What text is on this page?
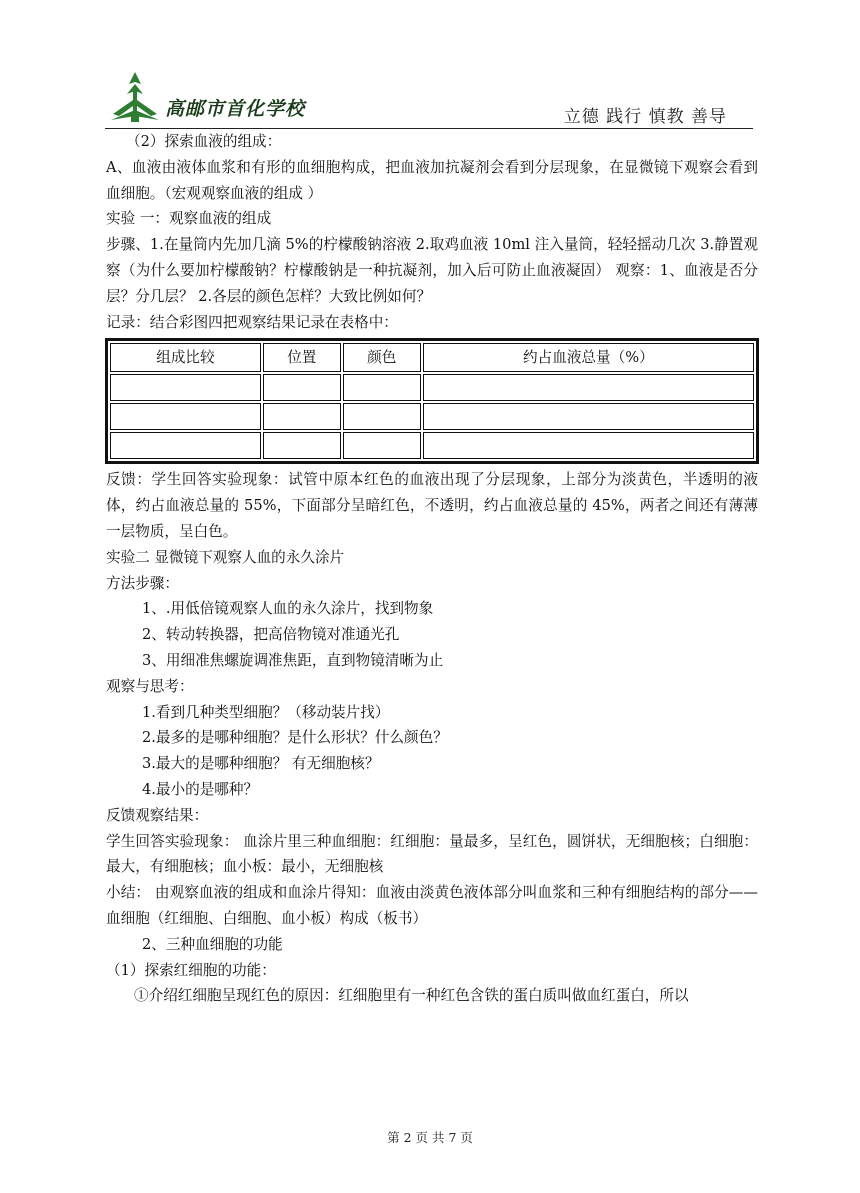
高邮市首化学校	立德 践行 慎教 善导

（2）探索血液的组成：

A、血液由液体血浆和有形的血细胞构成，把血液加抗凝剂会看到分层现象，在显微镜下观察会看到血细胞。（宏观观察血液的组成 ）

实验 一：观察血液的组成

步骤、1.在量筒内先加几滴 5%的柠檬酸钠溶液 2.取鸡血液 10ml 注入量筒，轻轻摇动几次 3.静置观察（为什么要加柠檬酸钠？柠檬酸钠是一种抗凝剂，加入后可防止血液凝固） 观察：1、血液是否分层？分几层？ 2.各层的颜色怎样？大致比例如何？

记录：结合彩图四把观察结果记录在表格中：

组成比较	位置	颜色	约占血液总量（%）

反馈：学生回答实验现象：试管中原本红色的血液出现了分层现象，上部分为淡黄色，半透明的液体，约占血液总量的 55%，下面部分呈暗红色，不透明，约占血液总量的 45%，两者之间还有薄薄一层物质，呈白色。

实验二 显微镜下观察人血的永久涂片

方法步骤：

1、.用低倍镜观察人血的永久涂片，找到物象

2、转动转换器，把高倍物镜对准通光孔

3、用细准焦螺旋调准焦距，直到物镜清晰为止

观察与思考：

1.看到几种类型细胞？（移动装片找）

2.最多的是哪种细胞？是什么形状？什么颜色？

3.最大的是哪种细胞？ 有无细胞核？

4.最小的是哪种？

反馈观察结果：

学生回答实验现象： 血涂片里三种血细胞：红细胞：量最多，呈红色，圆饼状，无细胞核；白细胞：最大，有细胞核；血小板：最小，无细胞核

小结： 由观察血液的组成和血涂片得知：血液由淡黄色液体部分叫血浆和三种有细胞结构的部分——血细胞（红细胞、白细胞、血小板）构成（板书）

2、三种血细胞的功能

（1）探索红细胞的功能：

①介绍红细胞呈现红色的原因：红细胞里有一种红色含铁的蛋白质叫做血红蛋白，所以

第 2 页 共 7 页
